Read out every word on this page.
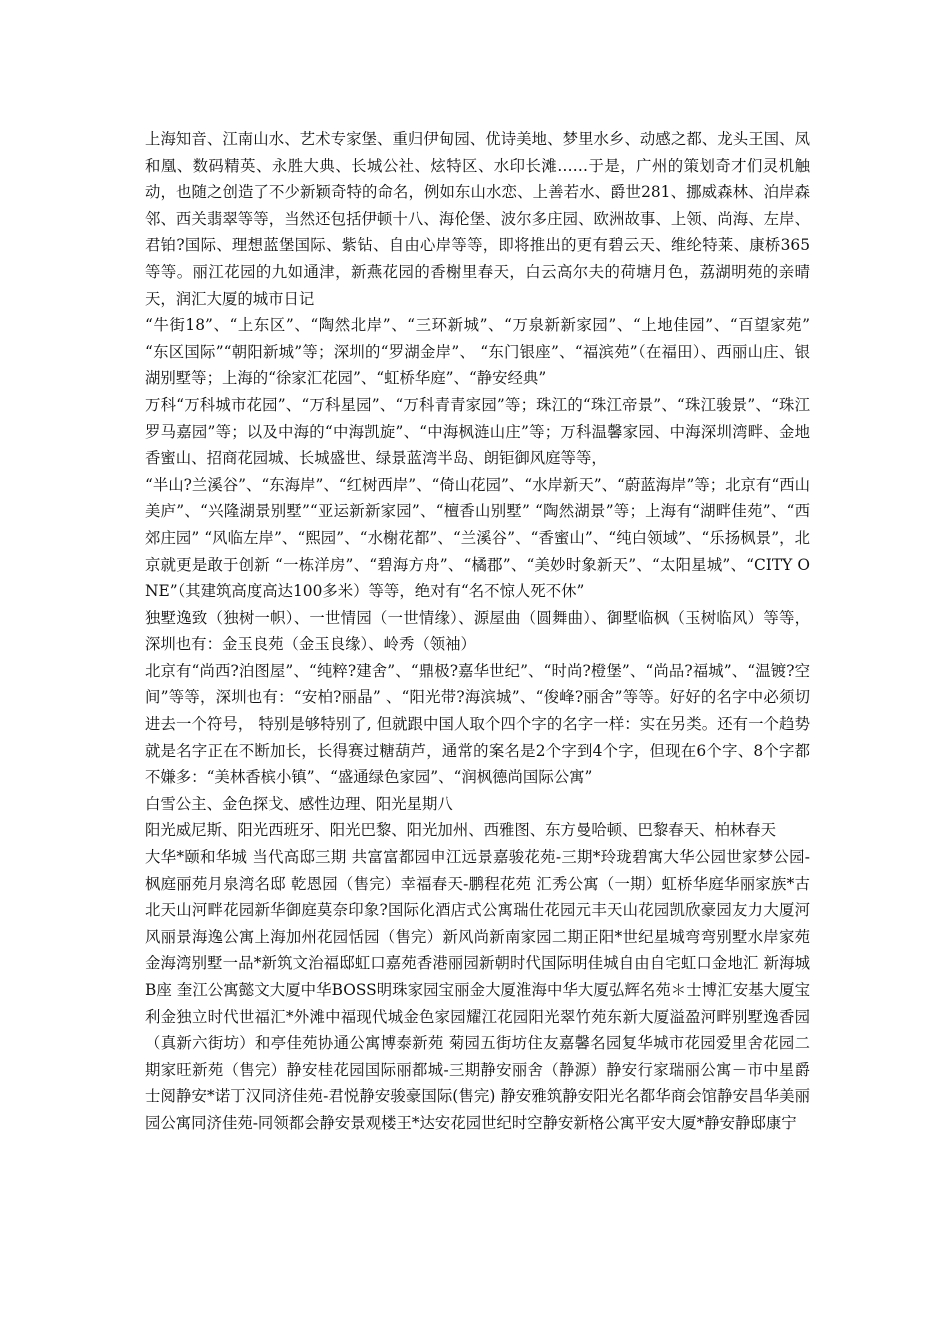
上海知音、江南山水、艺术专家堡、重归伊甸园、优诗美地、梦里水乡、动感之都、龙头王国、凤和凰、数码精英、永胜大典、长城公社、炫特区、水印长滩……于是，广州的策划奇才们灵机触动，也随之创造了不少新颖奇特的命名，例如东山水恋、上善若水、爵世281、挪威森林、泊岸森邻、西关翡翠等等，当然还包括伊顿十八、海伦堡、波尔多庄园、欧洲故事、上领、尚海、左岸、君铂?国际、理想蓝堡国际、紫钻、自由心岸等等，即将推出的更有碧云天、维纶特莱、康桥365等等。丽江花园的九如通津，新燕花园的香榭里春天，白云高尔夫的荷塘月色，荔湖明苑的亲晴天，润汇大厦的城市日记

“牛街18”、“上东区”、“陶然北岸”、“三环新城”、“万泉新新家园”、“上地佳园”、“百望家苑” “东区国际”“朝阳新城”等；深圳的“罗湖金岸”、 “东门银座”、“福滨苑”（在福田）、西丽山庄、银湖别墅等；上海的“徐家汇花园”、“虹桥华庭”、“静安经典”

万科“万科城市花园”、“万科星园”、“万科青青家园”等；珠江的“珠江帝景”、“珠江骏景”、“珠江罗马嘉园”等；以及中海的“中海凯旋”、“中海枫涟山庄”等；万科温馨家园、中海深圳湾畔、金地香蜜山、招商花园城、长城盛世、绿景蓝湾半岛、朗钜御风庭等等，

“半山?兰溪谷”、“东海岸”、“红树西岸”、“倚山花园”、“水岸新天”、“蔚蓝海岸”等；北京有“西山美庐”、“兴隆湖景别墅”“亚运新新家园”、“檀香山别墅” “陶然湖景”等；上海有“湖畔佳苑”、“西郊庄园” “风临左岸”、“熙园”、“水榭花都”、“兰溪谷”、“香蜜山”、“纯白领域”、“乐扬枫景”，北京就更是敢于创新 “一栋洋房”、“碧海方舟”、“橘郡”、“美妙时象新天”、“太阳星城”、“CITY ONE”（其建筑高度高达100多米）等等，绝对有“名不惊人死不休”

独墅逸致（独树一帜）、一世情园（一世情缘）、源屋曲（圆舞曲）、御墅临枫（玉树临风）等等，深圳也有：金玉良苑（金玉良缘）、岭秀（领袖）

北京有“尚西?泊图屋”、“纯粹?建舍”、“鼎极?嘉华世纪”、“时尚?橙堡”、“尚品?福城”、“温镀?空间”等等，深圳也有：“安柏?丽晶” 、“阳光带?海滨城”、“俊峰?丽舍”等等。好好的名字中必须切进去一个符号， 特别是够特别了, 但就跟中国人取个四个字的名字一样：实在另类。还有一个趋势就是名字正在不断加长，长得赛过糖葫芦，通常的案名是2个字到4个字，但现在6个字、8个字都不嫌多：“美林香槟小镇”、“盛通绿色家园”、“润枫德尚国际公寓”

白雪公主、金色探戈、感性边理、阳光星期八

阳光威尼斯、阳光西班牙、阳光巴黎、阳光加州、西雅图、东方曼哈顿、巴黎春天、柏林春天

大华*颐和华城 当代高邸三期 共富富都园申江远景嘉骏花苑-三期*玲珑碧寓大华公园世家梦公园-枫庭丽苑月泉湾名邸 乾恩园（售完）幸福春天-鹏程花苑 汇秀公寓（一期）虹桥华庭华丽家族*古北天山河畔花园新华御庭莫奈印象?国际化酒店式公寓瑞仕花园元丰天山花园凯欣豪园友力大厦河风丽景海逸公寓上海加州花园恬园（售完）新风尚新南家园二期正阳*世纪星城弯弯别墅水岸家苑 金海湾别墅一品*新筑文治福邸虹口嘉苑香港丽园新朝时代国际明佳城自由自宅虹口金地汇 新海城B座 奎江公寓懿文大厦中华BOSS明珠家园宝丽金大厦淮海中华大厦弘辉名苑＊士博汇安基大厦宝利金独立时代世福汇*外滩中福现代城金色家园耀江花园阳光翠竹苑东新大厦溢盈河畔别墅逸香园（真新六街坊）和亭佳苑协通公寓博泰新苑 菊园五街坊住友嘉馨名园复华城市花园爱里舍花园二期家旺新苑（售完）静安桂花园国际丽都城-三期静安丽舍（静源）静安行家瑞丽公寓－市中星爵士阅静安*诺丁汉同济佳苑-君悦静安骏豪国际(售完) 静安雅筑静安阳光名都华商会馆静安昌华美丽园公寓同济佳苑-同领都会静安景观楼王*达安花园世纪时空静安新格公寓平安大厦*静安静邸康宁
